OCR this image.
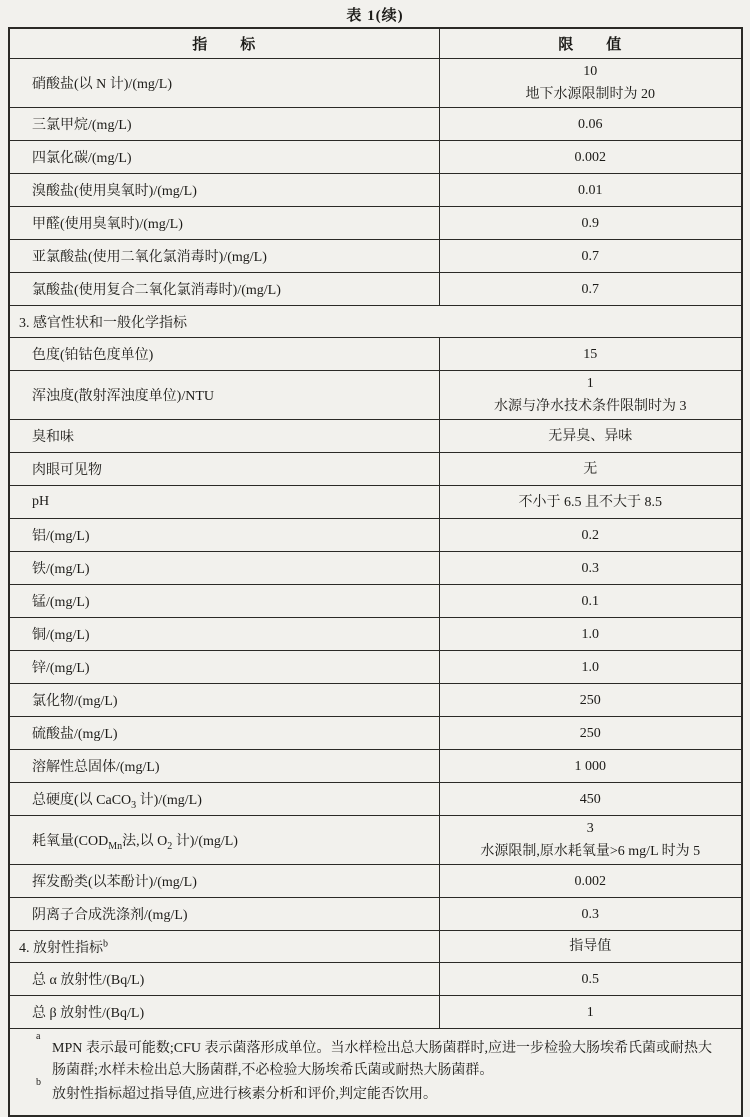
表 1(续)
指　　标	限　　值
硝酸盐(以 N 计)/(mg/L)	10
地下水源限制时为 20

三氯甲烷/(mg/L)	0.06

四氯化碳/(mg/L)	0.002

溴酸盐(使用臭氧时)/(mg/L)	0.01

甲醛(使用臭氧时)/(mg/L)	0.9

亚氯酸盐(使用二氧化氯消毒时)/(mg/L)	0.7

氯酸盐(使用复合二氧化氯消毒时)/(mg/L)	0.7

3. 感官性状和一般化学指标	
色度(铂钴色度单位)	15

浑浊度(散射浑浊度单位)/NTU	1
水源与净水技术条件限制时为 3

臭和味	无异臭、异味

肉眼可见物	无

pH	不小于 6.5 且不大于 8.5

铝/(mg/L)	0.2

铁/(mg/L)	0.3

锰/(mg/L)	0.1

铜/(mg/L)	1.0

锌/(mg/L)	1.0

氯化物/(mg/L)	250

硫酸盐/(mg/L)	250

溶解性总固体/(mg/L)	1 000

总硬度(以 CaCO$_3$ 计)/(mg/L)	450

耗氧量($COD_{Mn}$法,以 $O_2$ 计)/(mg/L)	3
水源限制,原水耗氧量>6 mg/L 时为 5

挥发酚类(以苯酚计)/(mg/L)	0.002

阴离子合成洗涤剂/(mg/L)	0.3

4. 放射性指标$^b$	指导值

总 α 放射性/(Bq/L)	0.5

总 β 放射性/(Bq/L)	1

a
MPN 表示最可能数;CFU 表示菌落形成单位。当水样检出总大肠菌群时,应进一步检验大肠埃希氏菌或耐热大肠菌群;水样未检出总大肠菌群,不必检验大肠埃希氏菌或耐热大肠菌群。
b
放射性指标超过指导值,应进行核素分析和评价,判定能否饮用。	
